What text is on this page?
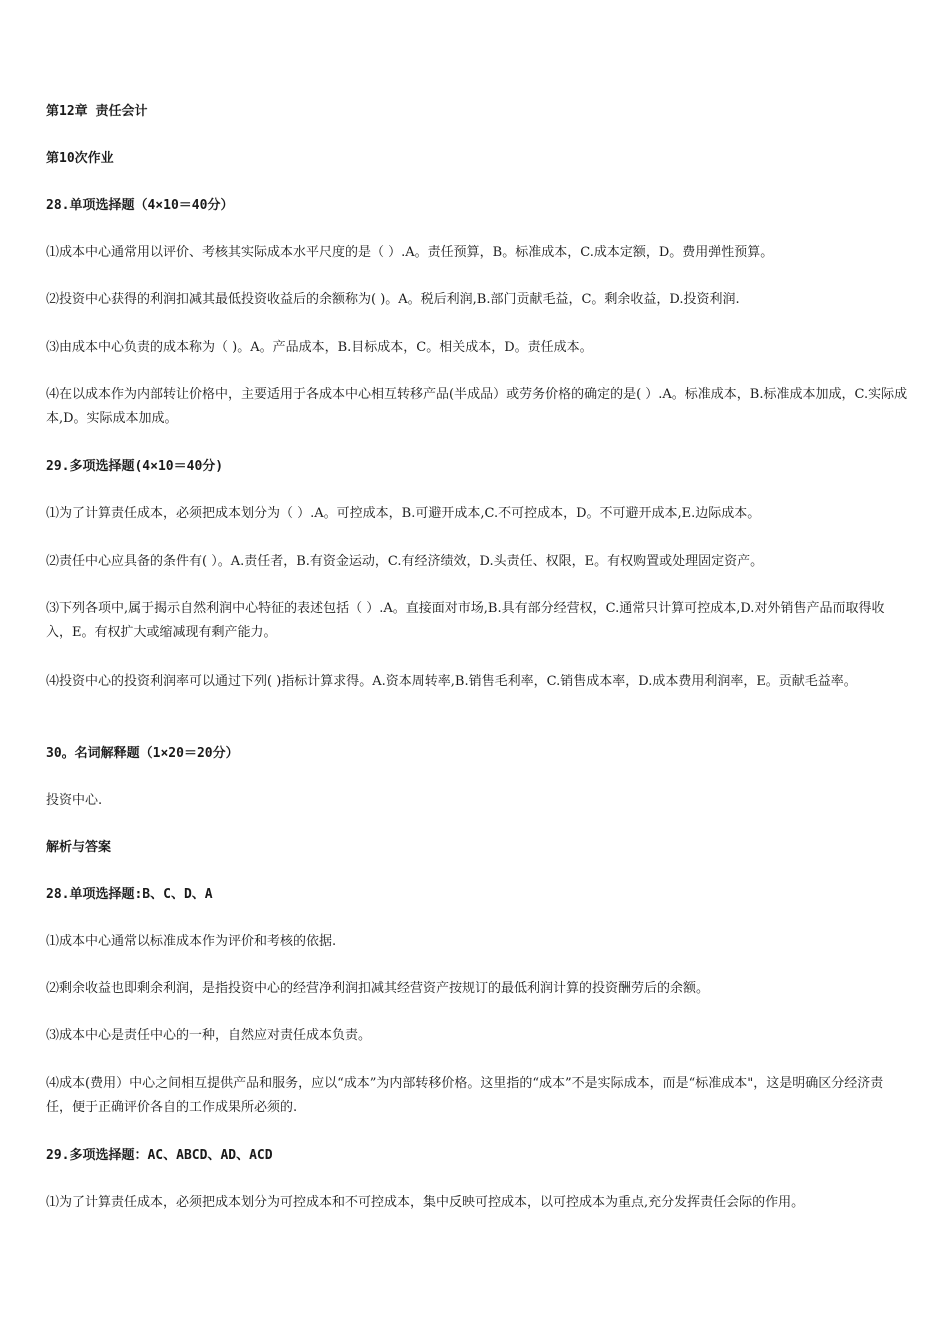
第12章 责任会计

第10次作业

28.单项选择题（4×10＝40分）

⑴成本中心通常用以评价、考核其实际成本水平尺度的是（ ）.A。责任预算，B。标准成本，C.成本定额，D。费用弹性预算。

⑵投资中心获得的利润扣减其最低投资收益后的余额称为( )。A。税后利润,B.部门贡献毛益，C。剩余收益，D.投资利润.

⑶由成本中心负责的成本称为（ )。A。产品成本，B.目标成本，C。相关成本，D。责任成本。

⑷在以成本作为内部转让价格中，主要适用于各成本中心相互转移产品(半成品）或劳务价格的确定的是( ）.A。标准成本，B.标准成本加成，C.实际成本,D。实际成本加成。

29.多项选择题(4×10＝40分)

⑴为了计算责任成本，必须把成本划分为（ ）.A。可控成本，B.可避开成本,C.不可控成本，D。不可避开成本,E.边际成本。

⑵责任中心应具备的条件有( ）。A.责任者，B.有资金运动，C.有经济绩效，D.头责任、权限，E。有权购置或处理固定资产。

⑶下列各项中,属于揭示自然利润中心特征的表述包括（ ）.A。直接面对市场,B.具有部分经营权，C.通常只计算可控成本,D.对外销售产品而取得收入，E。有权扩大或缩减现有剩产能力。

⑷投资中心的投资利润率可以通过下列( )指标计算求得。A.资本周转率,B.销售毛利率，C.销售成本率，D.成本费用利润率，E。贡献毛益率。

30。名词解释题（1×20＝20分）

投资中心.

解析与答案

28.单项选择题:B、C、D、A

⑴成本中心通常以标准成本作为评价和考核的依据.

⑵剩余收益也即剩余利润，是指投资中心的经营净利润扣减其经营资产按规订的最低利润计算的投资酬劳后的余额。

⑶成本中心是责任中心的一种，自然应对责任成本负责。

⑷成本(费用）中心之间相互提供产品和服务，应以“成本”为内部转移价格。这里指的“成本”不是实际成本，而是“标准成本"，这是明确区分经济责任，便于正确评价各自的工作成果所必须的.

29.多项选择题：AC、ABCD、AD、ACD

⑴为了计算责任成本，必须把成本划分为可控成本和不可控成本，集中反映可控成本，以可控成本为重点,充分发挥责任会际的作用。
